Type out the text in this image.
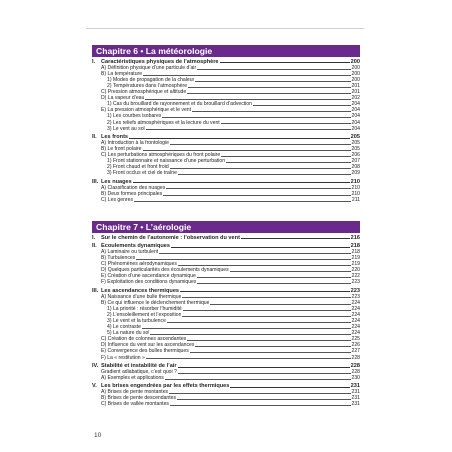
Chapitre 6 • La météorologie
I.	Caractéristiques physiques de l’atmosphère	200
A) Définition physique d’une particule d’air	200
B) La température	200
1) Modes de propagation de la chaleur	200
2) Températures dans l’atmosphère	201
C) Pression atmosphérique et altitude	201
D) La vapeur d’eau	202
1) Cas du brouillard de rayonnement et du brouillard d’advection	204
E) La pression atmosphérique et le vent	204
1) Les courbes isobares	204
2) Les reliefs atmosphériques et la lecture du vent	204
3) Le vent au sol	204
II. Les fronts	205
A) Introduction à la frontologie	205
B) Le front polaire	205
C) Les perturbations atmosphériques du front polaire	206
1) Front stationnaire et naissance d’une perturbation	207
2) Front chaud et front froid	208
3) Front occlus et ciel de traîne	209
III. Les nuages	210
A) Classification des nuages	210
B) Deux formes principales	210
C) Les genres	211
Chapitre 7 • L’aérologie
I.	Sur le chemin de l’autonomie : l’observation du vent	216
II. Écoulements dynamiques	218
A) Laminaire ou turbulent	218
B) Turbulences	219
C) Phénomènes aérodynamiques	219
D) Quelques particularités des écoulements dynamiques	220
E) Création d’une ascendance dynamique	222
F) Exploitation des conditions dynamiques	223
III. Les ascendances thermiques	223
A) Naissance d’une bulle thermique	223
B) Ce qui influence le déclenchement thermique	224
1) La priorité : résorber l’humidité	224
2) L’ensoleillement et l’exposition	224
3) Le vent et la turbulence	224
4) Le contraste	224
5) La nature du sol	224
C) Création de colonnes ascendantes	225
D) Influence du vent sur les ascendances	226
E) Convergence des bulles thermiques	227
F) La « restitution »	228
IV. Stabilité et instabilité de l’air	228
Gradient adiabatique, c’est quoi ?	228
A) Exemples et applications	230
V. Les brises engendrées par les effets thermiques	231
A) Brises de pente montantes	231
B) Brises de pente descendantes	231
C) Brises de vallée montantes	231
10
